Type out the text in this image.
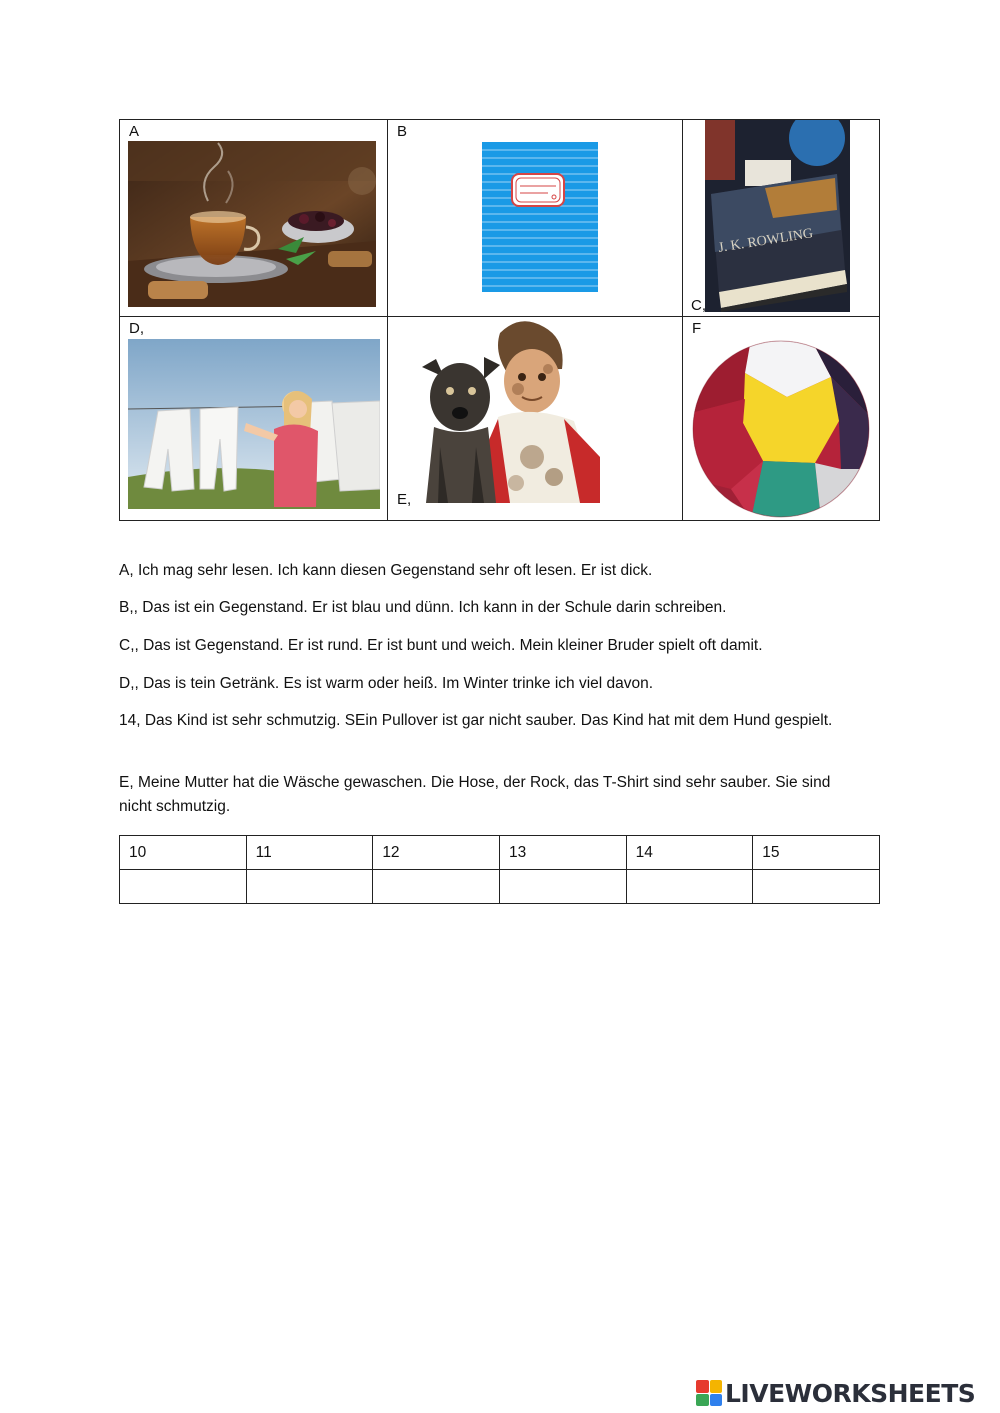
A	B
J. K. ROWLING
C,
D,
E,
F

A, Ich mag sehr lesen. Ich kann diesen Gegenstand sehr oft lesen. Er ist dick.

B,, Das ist ein Gegenstand. Er ist blau und dünn. Ich kann in der Schule darin schreiben.

C,, Das ist Gegenstand. Er ist rund. Er ist bunt und weich. Mein kleiner Bruder spielt oft damit.

D,, Das is tein Getränk. Es ist warm oder heiß. Im Winter trinke ich viel davon.

14, Das Kind ist sehr schmutzig. SEin Pullover ist gar nicht sauber. Das Kind hat mit dem Hund gespielt.

E, Meine Mutter hat die Wäsche gewaschen. Die Hose, der Rock, das T-Shirt sind sehr sauber. Sie sind nicht schmutzig.

10	11	12	13	14	15

LIVEWORKSHEETS
